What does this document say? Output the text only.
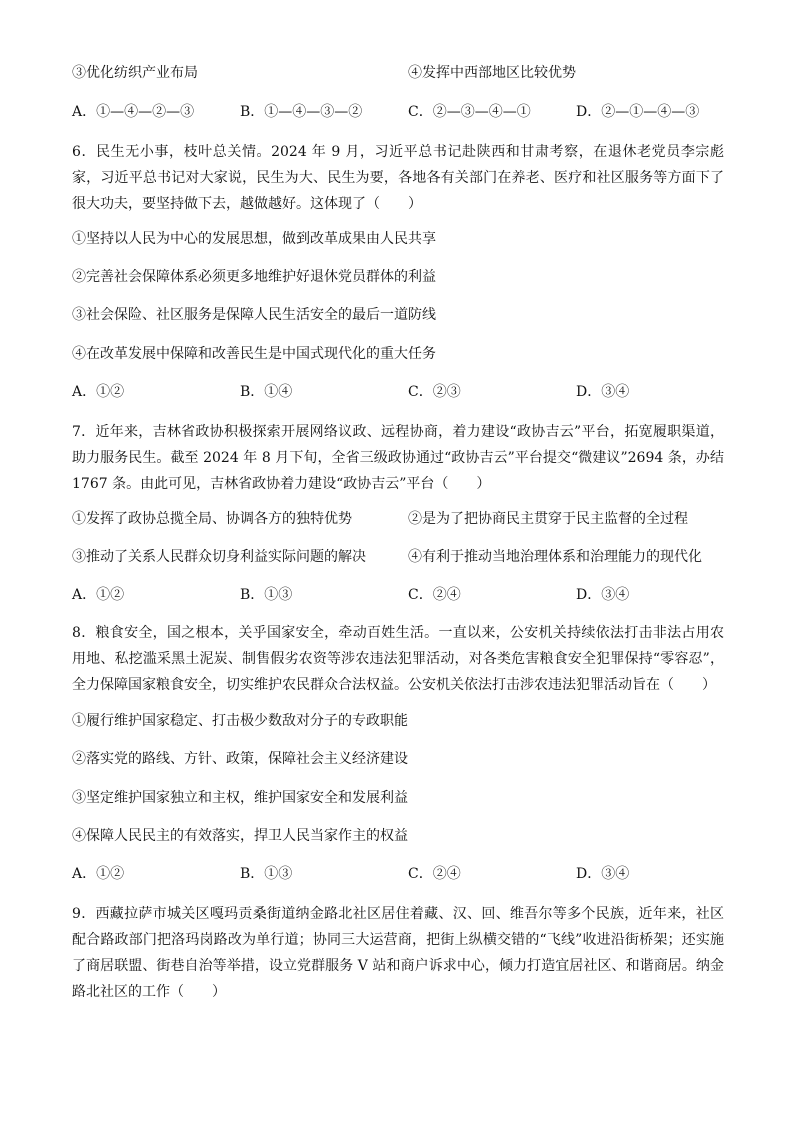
③优化纺织产业布局	④发挥中西部地区比较优势
A．①—④—②—③	B．①—④—③—②	C．②—③—④—①	D．②—①—④—③
6．民生无小事，枝叶总关情。2024 年 9 月，习近平总书记赴陕西和甘肃考察，在退休老党员李宗彪家，习近平总书记对大家说，民生为大、民生为要，各地各有关部门在养老、医疗和社区服务等方面下了很大功夫，要坚持做下去，越做越好。这体现了（　　）
①坚持以人民为中心的发展思想，做到改革成果由人民共享
②完善社会保障体系必须更多地维护好退休党员群体的利益
③社会保险、社区服务是保障人民生活安全的最后一道防线
④在改革发展中保障和改善民生是中国式现代化的重大任务
A．①②	B．①④	C．②③	D．③④
7．近年来，吉林省政协积极探索开展网络议政、远程协商，着力建设“政协吉云”平台，拓宽履职渠道，助力服务民生。截至 2024 年 8 月下旬，全省三级政协通过“政协吉云”平台提交“微建议”2694 条，办结 1767 条。由此可见，吉林省政协着力建设“政协吉云”平台（　　）
①发挥了政协总揽全局、协调各方的独特优势	②是为了把协商民主贯穿于民主监督的全过程
③推动了关系人民群众切身利益实际问题的解决	④有利于推动当地治理体系和治理能力的现代化
A．①②	B．①③	C．②④	D．③④
8．粮食安全，国之根本，关乎国家安全，牵动百姓生活。一直以来，公安机关持续依法打击非法占用农用地、私挖滥采黑土泥炭、制售假劣农资等涉农违法犯罪活动，对各类危害粮食安全犯罪保持“零容忍”，全力保障国家粮食安全，切实维护农民群众合法权益。公安机关依法打击涉农违法犯罪活动旨在（　　）
①履行维护国家稳定、打击极少数敌对分子的专政职能
②落实党的路线、方针、政策，保障社会主义经济建设
③坚定维护国家独立和主权，维护国家安全和发展利益
④保障人民民主的有效落实，捍卫人民当家作主的权益
A．①②	B．①③	C．②④	D．③④
9．西藏拉萨市城关区嘎玛贡桑街道纳金路北社区居住着藏、汉、回、维吾尔等多个民族，近年来，社区配合路政部门把洛玛岗路改为单行道；协同三大运营商，把街上纵横交错的“飞线”收进沿街桥架；还实施了商居联盟、街巷自治等举措，设立党群服务 V 站和商户诉求中心，倾力打造宜居社区、和谐商居。纳金路北社区的工作（　　）
